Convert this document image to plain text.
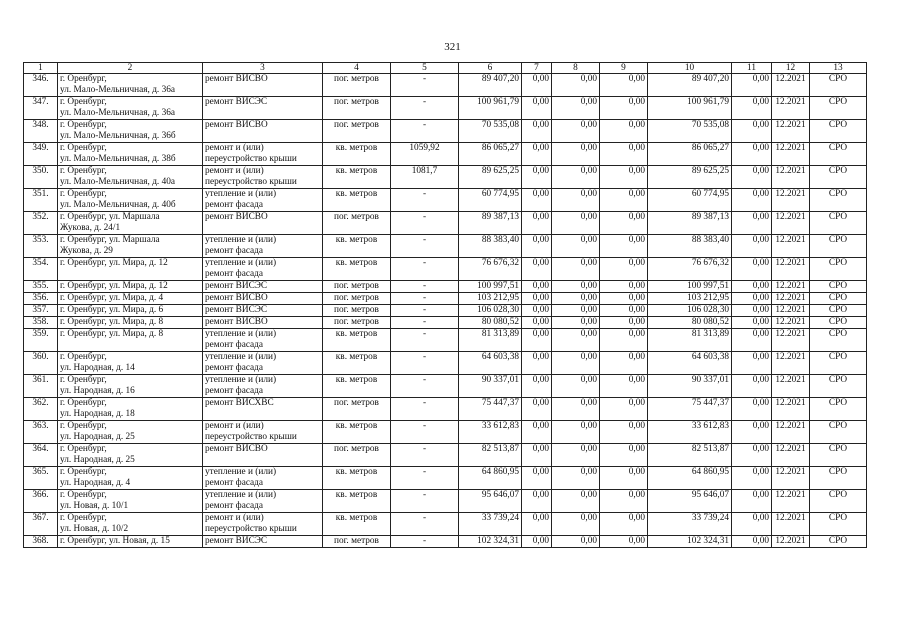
321
1	2	3	4	5	6	7	8	9	10	11	12	13
346.	г. Оренбург,
ул. Мало-Мельничная, д. 36а	ремонт ВИСВО	пог. метров	-	89 407,20	0,00	0,00	0,00	89 407,20	0,00	12.2021	СРО
347.	г. Оренбург,
ул. Мало-Мельничная, д. 36а	ремонт ВИСЭС	пог. метров	-	100 961,79	0,00	0,00	0,00	100 961,79	0,00	12.2021	СРО
348.	г. Оренбург,
ул. Мало-Мельничная, д. 36б	ремонт ВИСВО	пог. метров	-	70 535,08	0,00	0,00	0,00	70 535,08	0,00	12.2021	СРО
349.	г. Оренбург,
ул. Мало-Мельничная, д. 38б	ремонт и (или)
переустройство крыши	кв. метров	1059,92	86 065,27	0,00	0,00	0,00	86 065,27	0,00	12.2021	СРО
350.	г. Оренбург,
ул. Мало-Мельничная, д. 40а	ремонт и (или)
переустройство крыши	кв. метров	1081,7	89 625,25	0,00	0,00	0,00	89 625,25	0,00	12.2021	СРО
351.	г. Оренбург,
ул. Мало-Мельничная, д. 40б	утепление и (или)
ремонт фасада	кв. метров	-	60 774,95	0,00	0,00	0,00	60 774,95	0,00	12.2021	СРО
352.	г. Оренбург, ул. Маршала
Жукова, д. 24/1	ремонт ВИСВО	пог. метров	-	89 387,13	0,00	0,00	0,00	89 387,13	0,00	12.2021	СРО
353.	г. Оренбург, ул. Маршала
Жукова, д. 29	утепление и (или)
ремонт фасада	кв. метров	-	88 383,40	0,00	0,00	0,00	88 383,40	0,00	12.2021	СРО
354.	г. Оренбург, ул. Мира, д. 12	утепление и (или)
ремонт фасада	кв. метров	-	76 676,32	0,00	0,00	0,00	76 676,32	0,00	12.2021	СРО
355.	г. Оренбург, ул. Мира, д. 12	ремонт ВИСЭС	пог. метров	-	100 997,51	0,00	0,00	0,00	100 997,51	0,00	12.2021	СРО
356.	г. Оренбург, ул. Мира, д. 4	ремонт ВИСВО	пог. метров	-	103 212,95	0,00	0,00	0,00	103 212,95	0,00	12.2021	СРО
357.	г. Оренбург, ул. Мира, д. 6	ремонт ВИСЭС	пог. метров	-	106 028,30	0,00	0,00	0,00	106 028,30	0,00	12.2021	СРО
358.	г. Оренбург, ул. Мира, д. 8	ремонт ВИСВО	пог. метров	-	80 080,52	0,00	0,00	0,00	80 080,52	0,00	12.2021	СРО
359.	г. Оренбург, ул. Мира, д. 8	утепление и (или)
ремонт фасада	кв. метров	-	81 313,89	0,00	0,00	0,00	81 313,89	0,00	12.2021	СРО
360.	г. Оренбург,
ул. Народная, д. 14	утепление и (или)
ремонт фасада	кв. метров	-	64 603,38	0,00	0,00	0,00	64 603,38	0,00	12.2021	СРО
361.	г. Оренбург,
ул. Народная, д. 16	утепление и (или)
ремонт фасада	кв. метров	-	90 337,01	0,00	0,00	0,00	90 337,01	0,00	12.2021	СРО
362.	г. Оренбург,
ул. Народная, д. 18	ремонт ВИСХВС	пог. метров	-	75 447,37	0,00	0,00	0,00	75 447,37	0,00	12.2021	СРО
363.	г. Оренбург,
ул. Народная, д. 25	ремонт и (или)
переустройство крыши	кв. метров	-	33 612,83	0,00	0,00	0,00	33 612,83	0,00	12.2021	СРО
364.	г. Оренбург,
ул. Народная, д. 25	ремонт ВИСВО	пог. метров	-	82 513,87	0,00	0,00	0,00	82 513,87	0,00	12.2021	СРО
365.	г. Оренбург,
ул. Народная, д. 4	утепление и (или)
ремонт фасада	кв. метров	-	64 860,95	0,00	0,00	0,00	64 860,95	0,00	12.2021	СРО
366.	г. Оренбург,
ул. Новая, д. 10/1	утепление и (или)
ремонт фасада	кв. метров	-	95 646,07	0,00	0,00	0,00	95 646,07	0,00	12.2021	СРО
367.	г. Оренбург,
ул. Новая, д. 10/2	ремонт и (или)
переустройство крыши	кв. метров	-	33 739,24	0,00	0,00	0,00	33 739,24	0,00	12.2021	СРО
368.	г. Оренбург, ул. Новая, д. 15	ремонт ВИСЭС	пог. метров	-	102 324,31	0,00	0,00	0,00	102 324,31	0,00	12.2021	СРО
